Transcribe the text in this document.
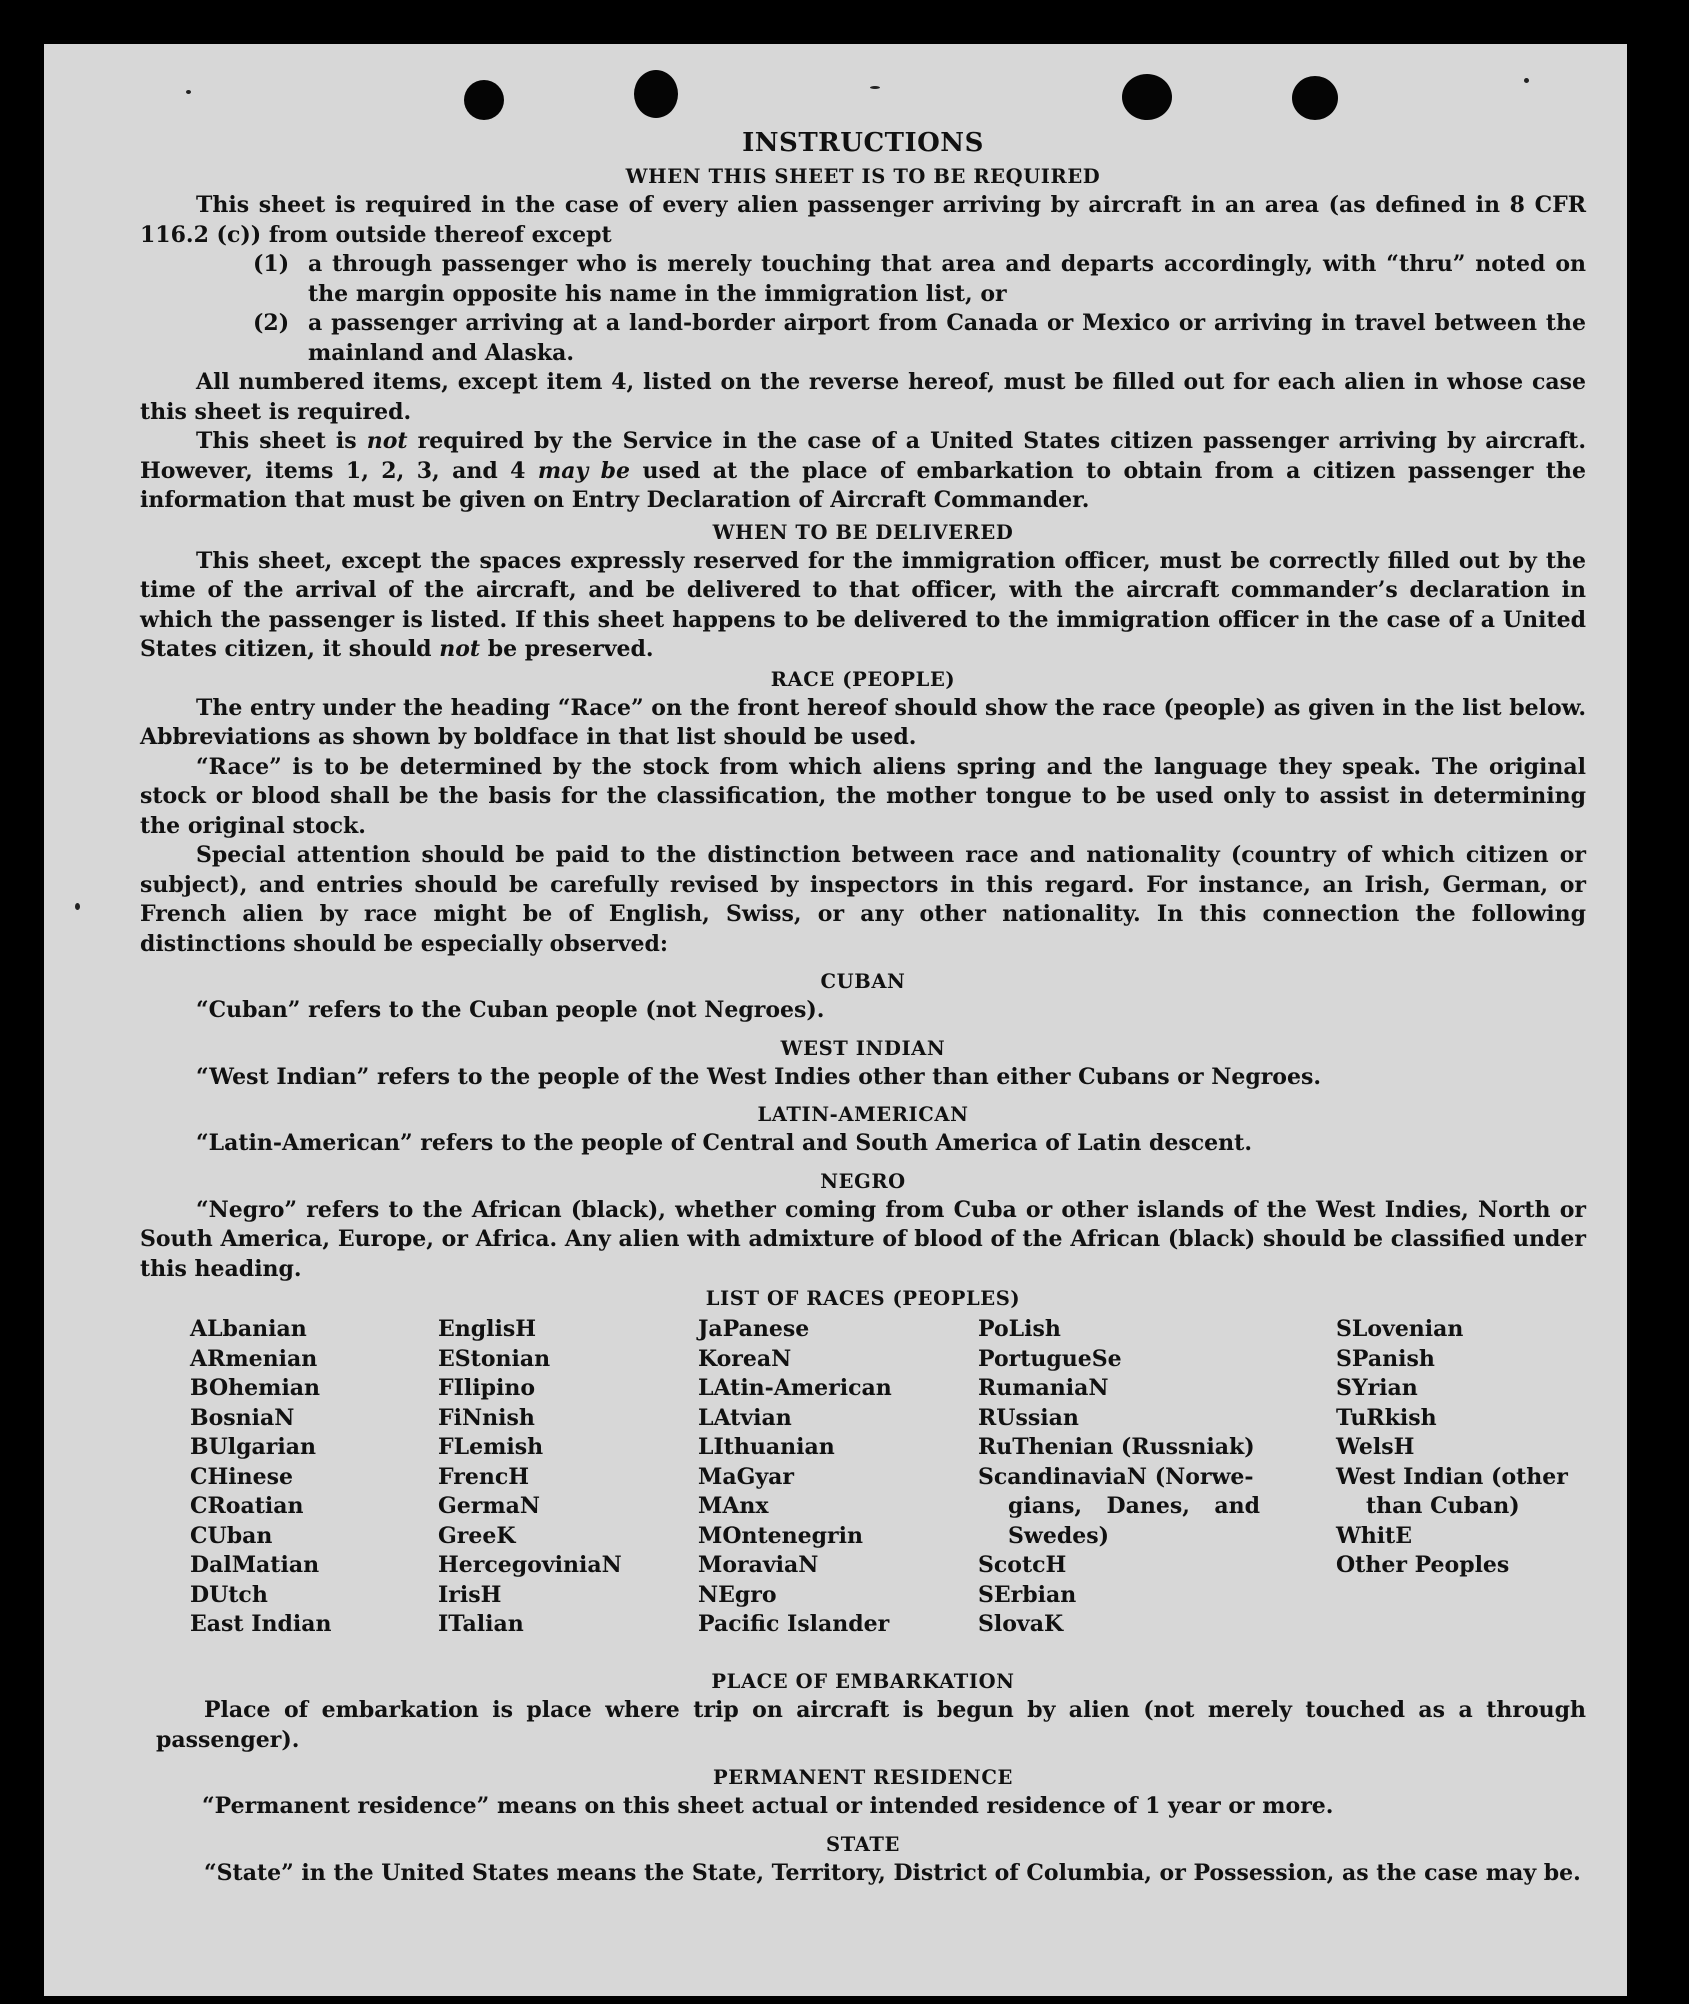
INSTRUCTIONS
WHEN THIS SHEET IS TO BE REQUIRED

This sheet is required in the case of every alien passenger arriving by aircraft in an area (as defined in 8 CFR 116.2 (c)) from outside thereof except

(1) a through passenger who is merely touching that area and departs accordingly, with “thru” noted on the margin opposite his name in the immigration list, or
(2) a passenger arriving at a land-border airport from Canada or Mexico or arriving in travel between the mainland and Alaska.

All numbered items, except item 4, listed on the reverse hereof, must be filled out for each alien in whose case this sheet is required.

This sheet is not required by the Service in the case of a United States citizen passenger arriving by aircraft. However, items 1, 2, 3, and 4 may be used at the place of embarkation to obtain from a citizen passenger the information that must be given on Entry Declaration of Aircraft Commander.

WHEN TO BE DELIVERED

This sheet, except the spaces expressly reserved for the immigration officer, must be correctly filled out by the time of the arrival of the aircraft, and be delivered to that officer, with the aircraft commander’s declaration in which the passenger is listed. If this sheet happens to be delivered to the immigration officer in the case of a United States citizen, it should not be preserved.

RACE (PEOPLE)

The entry under the heading “Race” on the front hereof should show the race (people) as given in the list below. Abbreviations as shown by boldface in that list should be used.

“Race” is to be determined by the stock from which aliens spring and the language they speak. The original stock or blood shall be the basis for the classification, the mother tongue to be used only to assist in determining the original stock.

Special attention should be paid to the distinction between race and nationality (country of which citizen or subject), and entries should be carefully revised by inspectors in this regard. For instance, an Irish, German, or French alien by race might be of English, Swiss, or any other nationality. In this connection the following distinctions should be especially observed:

CUBAN

“Cuban” refers to the Cuban people (not Negroes).

WEST INDIAN

“West Indian” refers to the people of the West Indies other than either Cubans or Negroes.

LATIN-AMERICAN

“Latin-American” refers to the people of Central and South America of Latin descent.

NEGRO

“Negro” refers to the African (black), whether coming from Cuba or other islands of the West Indies, North or South America, Europe, or Africa. Any alien with admixture of blood of the African (black) should be classified under this heading.

LIST OF RACES (PEOPLES)
ALbanian
ARmenian
BOhemian
BosniaN
BUlgarian
CHinese
CRoatian
CUban
DalMatian
DUtch
East Indian
EnglisH
EStonian
FIlipino
FiNnish
FLemish
FrencH
GermaN
GreeK
HercegoviniaN
IrisH
ITalian
JaPanese
KoreaN
LAtin-American
LAtvian
LIthuanian
MaGyar
MAnx
MOntenegrin
MoraviaN
NEgro
Pacific Islander
PoLish
PortugueSe
RumaniaN
RUssian
RuThenian (Russniak)
ScandinaviaN (Norwe-
gians, Danes, and Swedes)
ScotcH
SErbian
SlovaK
SLovenian
SPanish
SYrian
TuRkish
WelsH
West Indian (other
than Cuban)
WhitE
Other Peoples
PLACE OF EMBARKATION

Place of embarkation is place where trip on aircraft is begun by alien (not merely touched as a through passenger).

PERMANENT RESIDENCE

“Permanent residence” means on this sheet actual or intended residence of 1 year or more.

STATE

“State” in the United States means the State, Territory, District of Columbia, or Possession, as the case may be.
